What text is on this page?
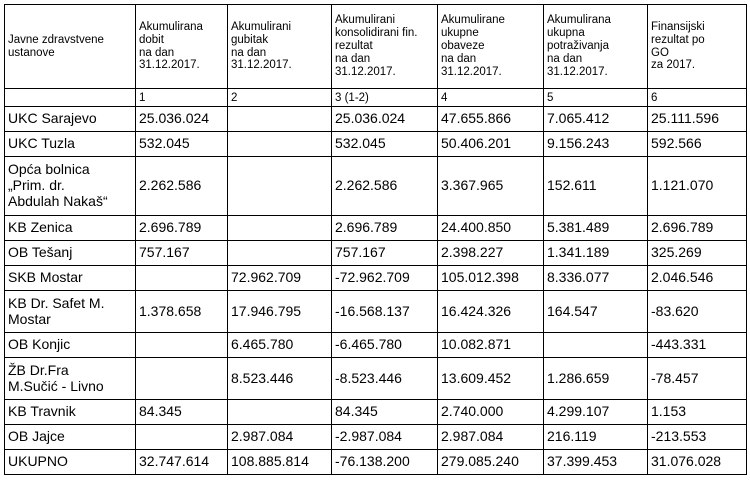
Javne zdravstvene
ustanove	Akumulirana
dobit
na dan
31.12.2017.	Akumulirani
gubitak
na dan
31.12.2017.	Akumulirani
konsolidirani fin.
rezultat
na dan
31.12.2017.	Akumulirane
ukupne
obaveze
na dan
31.12.2017.	Akumulirana
ukupna
potraživanja
na dan
31.12.2017.	Finansijski
rezultat po
GO
za 2017.
	1	2	3 (1-2)	4	5	6
UKC Sarajevo	25.036.024		25.036.024	47.655.866	7.065.412	25.111.596
UKC Tuzla	532.045		532.045	50.406.201	9.156.243	592.566
Opća bolnica
„Prim. dr.
Abdulah Nakaš“	2.262.586		2.262.586	3.367.965	152.611	1.121.070
KB Zenica	2.696.789		2.696.789	24.400.850	5.381.489	2.696.789
OB Tešanj	757.167		757.167	2.398.227	1.341.189	325.269
SKB Mostar		72.962.709	-72.962.709	105.012.398	8.336.077	2.046.546
KB Dr. Safet M.
Mostar	1.378.658	17.946.795	-16.568.137	16.424.326	164.547	-83.620
OB Konjic		6.465.780	-6.465.780	10.082.871		-443.331
ŽB Dr.Fra
M.Sučić - Livno		8.523.446	-8.523.446	13.609.452	1.286.659	-78.457
KB Travnik	84.345		84.345	2.740.000	4.299.107	1.153
OB Jajce		2.987.084	-2.987.084	2.987.084	216.119	-213.553
UKUPNO	32.747.614	108.885.814	-76.138.200	279.085.240	37.399.453	31.076.028
